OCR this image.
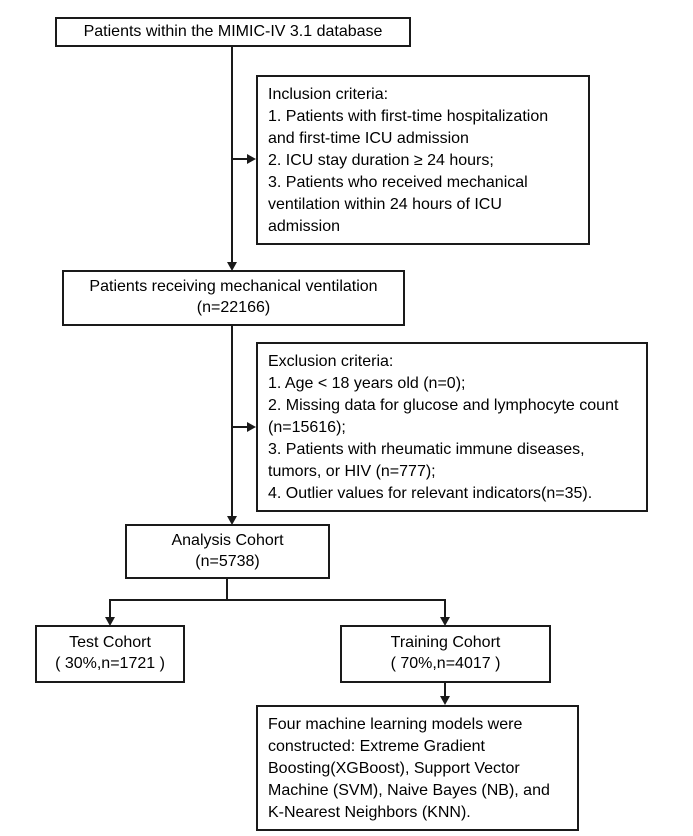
Patients within the MIMIC-IV 3.1 database
Inclusion criteria:
1. Patients with first-time hospitalization and first-time ICU admission
2. ICU stay duration ≥ 24 hours;
3. Patients who received mechanical ventilation within 24 hours of ICU admission
Patients receiving mechanical ventilation
(n=22166)
Exclusion criteria:
1. Age < 18 years old (n=0);
2. Missing data for glucose and lymphocyte count (n=15616);
3. Patients with rheumatic immune diseases, tumors, or HIV (n=777);
4. Outlier values for relevant indicators(n=35).
Analysis Cohort
(n=5738)
Test Cohort
( 30%,n=1721 )
Training Cohort
( 70%,n=4017 )
Four machine learning models were constructed: Extreme Gradient Boosting(XGBoost), Support Vector Machine (SVM), Naive Bayes (NB), and K-Nearest Neighbors (KNN).
